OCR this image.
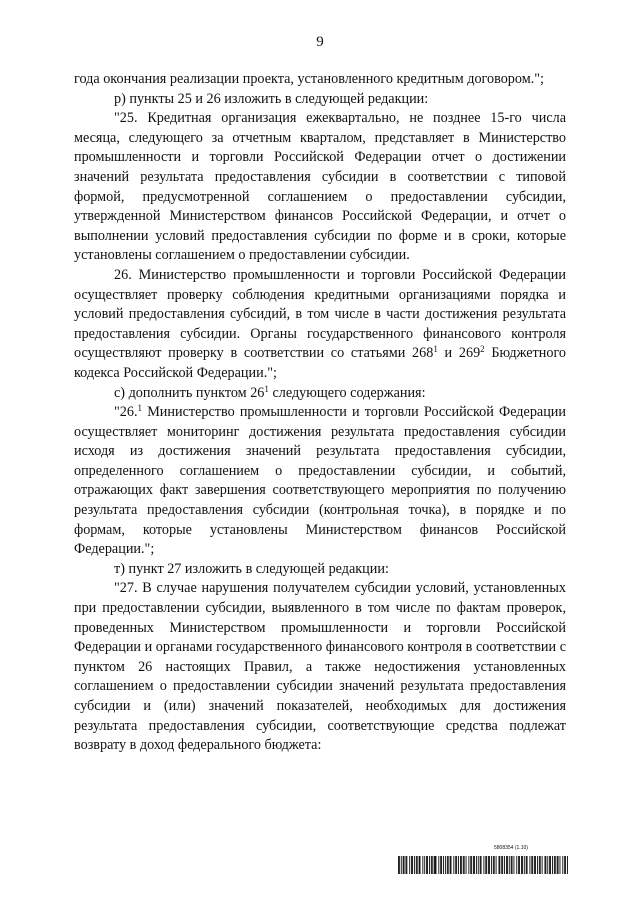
9

года окончания реализации проекта, установленного кредитным договором.";

р) пункты 25 и 26 изложить в следующей редакции:

"25. Кредитная организация ежеквартально, не позднее 15-го числа месяца, следующего за отчетным кварталом, представляет в Министерство промышленности и торговли Российской Федерации отчет о достижении значений результата предоставления субсидии в соответствии с типовой формой, предусмотренной соглашением о предоставлении субсидии, утвержденной Министерством финансов Российской Федерации, и отчет о выполнении условий предоставления субсидии по форме и в сроки, которые установлены соглашением о предоставлении субсидии.

26. Министерство промышленности и торговли Российской Федерации осуществляет проверку соблюдения кредитными организациями порядка и условий предоставления субсидий, в том числе в части достижения результата предоставления субсидии. Органы государственного финансового контроля осуществляют проверку в соответствии со статьями $268^1$ и $269^2$ Бюджетного кодекса Российской Федерации.";

с) дополнить пунктом $26^1$ следующего содержания:

"26.$^1$ Министерство промышленности и торговли Российской Федерации осуществляет мониторинг достижения результата предоставления субсидии исходя из достижения значений результата предоставления субсидии, определенного соглашением о предоставлении субсидии, и событий, отражающих факт завершения соответствующего мероприятия по получению результата предоставления субсидии (контрольная точка), в порядке и по формам, которые установлены Министерством финансов Российской Федерации.";

т) пункт 27 изложить в следующей редакции:

"27. В случае нарушения получателем субсидии условий, установленных при предоставлении субсидии, выявленного в том числе по фактам проверок, проведенных Министерством промышленности и торговли Российской Федерации и органами государственного финансового контроля в соответствии с пунктом 26 настоящих Правил, а также недостижения установленных соглашением о предоставлении субсидии значений результата предоставления субсидии и (или) значений показателей, необходимых для достижения результата предоставления субсидии, соответствующие средства подлежат возврату в доход федерального бюджета:

5808354 (1.10)
